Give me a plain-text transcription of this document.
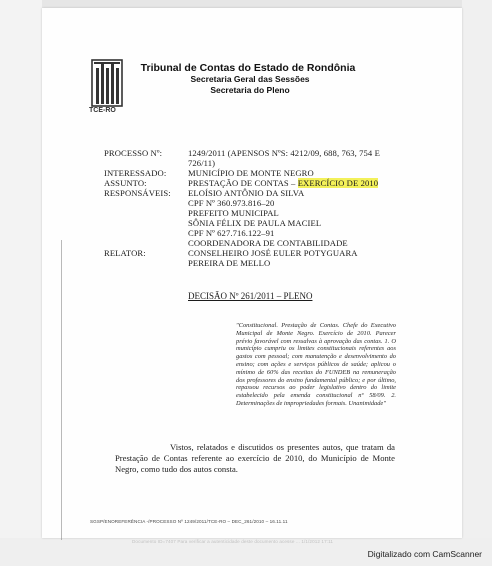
TCE-RO
Tribunal de Contas do Estado de Rondônia
Secretaria Geral das Sessões
Secretaria do Pleno
PROCESSO Nº:	1249/2011 (APENSOS NºS: 4212/09, 688, 763, 754 E
726/11)
INTERESSADO:	MUNICÍPIO DE MONTE NEGRO
ASSUNTO:	PRESTAÇÃO DE CONTAS – EXERCÍCIO DE 2010
RESPONSÁVEIS: ELOÍSIO ANTÔNIO DA SILVA
CPF Nº 360.973.816–20
PREFEITO MUNICIPAL
SÔNIA FÉLIX DE PAULA MACIEL
CPF Nº 627.716.122–91
COORDENADORA DE CONTABILIDADE
RELATOR:	CONSELHEIRO JOSÉ EULER POTYGUARA
PEREIRA DE MELLO
DECISÃO Nº 261/2011 – PLENO
"Constitucional. Prestação de Contas. Chefe do Executivo Municipal de Monte Negro. Exercício de 2010. Parecer prévio favorável com ressalvas à aprovação das contas. 1. O município cumpriu os limites constitucionais referentes aos gastos com pessoal; com manutenção e desenvolvimento do ensino; com ações e serviços públicos de saúde; aplicou o mínimo de 60% das receitas do FUNDEB na remuneração dos professores do ensino fundamental público; e por último, repassou recursos ao poder legislativo dentro do limite estabelecido pela emenda constitucional nº 58/09. 2. Determinações de impropriedades formais. Unanimidade"
Vistos, relatados e discutidos os presentes autos, que tratam da Prestação de Contas referente ao exercício de 2010, do Município de Monte Negro, como tudo dos autos consta.
SGSP/ENOREFERÊNCIA -/PROCESSO Nº 1249/2011/TCE-RO – DEC_261/2010 – 16.11.11
Documento ID=7407 Para verificar a autenticidade deste documento acesse ... 1/1/2012 17:11
Digitalizado com CamScanner
